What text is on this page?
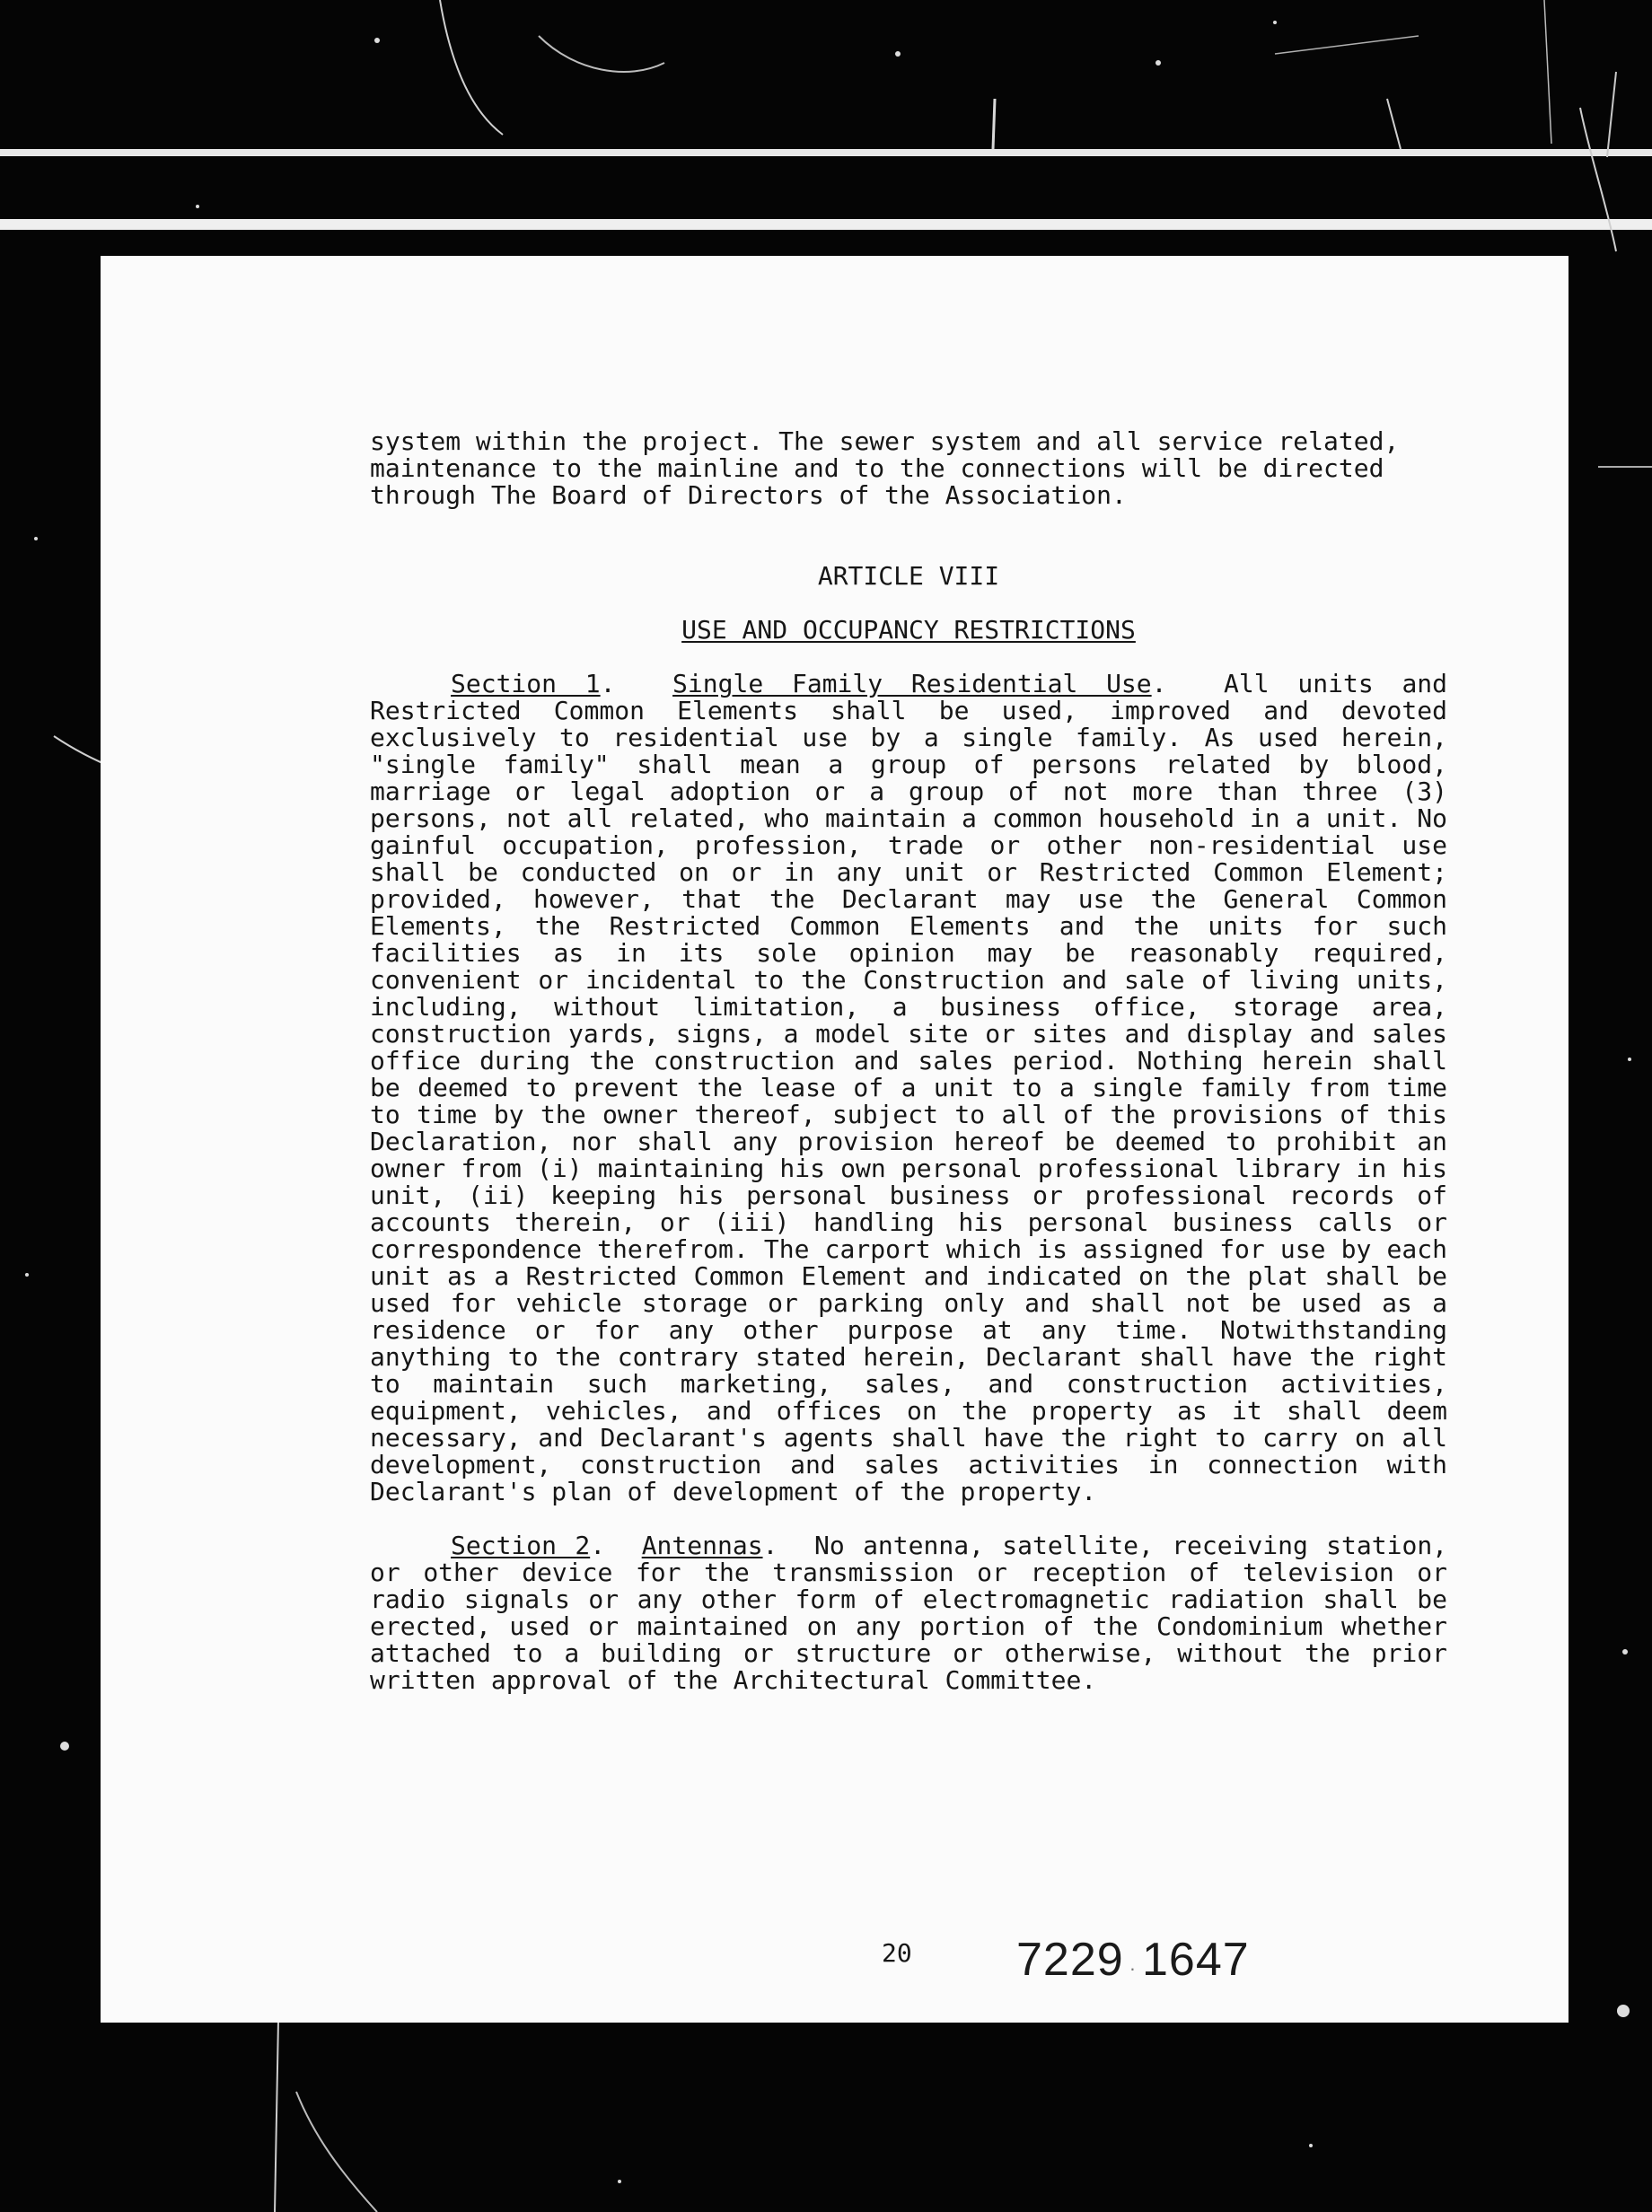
system within the project. The sewer system and all service related, maintenance to the mainline and to the connections will be directed through The Board of Directors of the Association.

ARTICLE VIII
USE AND OCCUPANCY RESTRICTIONS

Section 1.  Single Family Residential Use.  All units and Restricted Common Elements shall be used, improved and devoted exclusively to residential use by a single family. As used herein, "single family" shall mean a group of persons related by blood, marriage or legal adoption or a group of not more than three (3) persons, not all related, who maintain a common household in a unit. No gainful occupation, profession, trade or other non-residential use shall be conducted on or in any unit or Restricted Common Element; provided, however, that the Declarant may use the General Common Elements, the Restricted Common Elements and the units for such facilities as in its sole opinion may be reasonably required, convenient or incidental to the Construction and sale of living units, including, without limitation, a business office, storage area, construction yards, signs, a model site or sites and display and sales office during the construction and sales period. Nothing herein shall be deemed to prevent the lease of a unit to a single family from time to time by the owner thereof, subject to all of the provisions of this Declaration, nor shall any provision hereof be deemed to prohibit an owner from (i) maintaining his own personal professional library in his unit, (ii) keeping his personal business or professional records of accounts therein, or (iii) handling his personal business calls or correspondence therefrom. The carport which is assigned for use by each unit as a Restricted Common Element and indicated on the plat shall be used for vehicle storage or parking only and shall not be used as a residence or for any other purpose at any time. Notwithstanding anything to the contrary stated herein, Declarant shall have the right to maintain such marketing, sales, and construction activities, equipment, vehicles, and offices on the property as it shall deem necessary, and Declarant's agents shall have the right to carry on all development, construction and sales activities in connection with Declarant's plan of development of the property.

Section 2.  Antennas.  No antenna, satellite, receiving station, or other device for the transmission or reception of television or radio signals or any other form of electromagnetic radiation shall be erected, used or maintained on any portion of the Condominium whether attached to a building or structure or otherwise, without the prior written approval of the Architectural Committee.

20 7229 · 1647
